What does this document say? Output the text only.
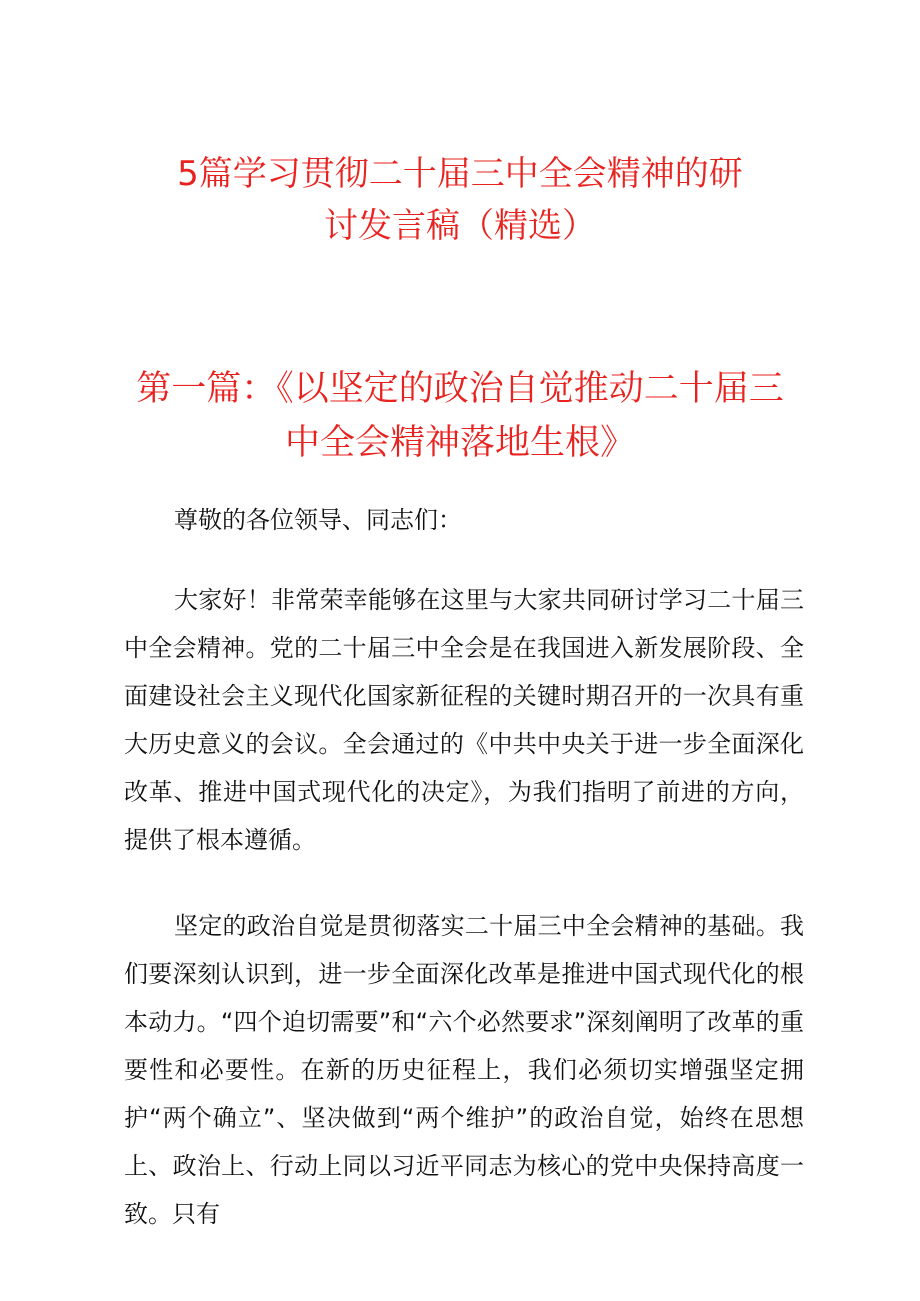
5篇学习贯彻二十届三中全会精神的研
讨发言稿（精选）
第一篇：《以坚定的政治自觉推动二十届三
中全会精神落地生根》

尊敬的各位领导、同志们：

大家好！非常荣幸能够在这里与大家共同研讨学习二十届三中全会精神。党的二十届三中全会是在我国进入新发展阶段、全面建设社会主义现代化国家新征程的关键时期召开的一次具有重大历史意义的会议。全会通过的《中共中央关于进一步全面深化改革、推进中国式现代化的决定》，为我们指明了前进的方向，提供了根本遵循。

坚定的政治自觉是贯彻落实二十届三中全会精神的基础。我们要深刻认识到，进一步全面深化改革是推进中国式现代化的根本动力。“四个迫切需要”和“六个必然要求”深刻阐明了改革的重要性和必要性。在新的历史征程上，我们必须切实增强坚定拥护“两个确立”、坚决做到“两个维护”的政治自觉，始终在思想上、政治上、行动上同以习近平同志为核心的党中央保持高度一致。只有
